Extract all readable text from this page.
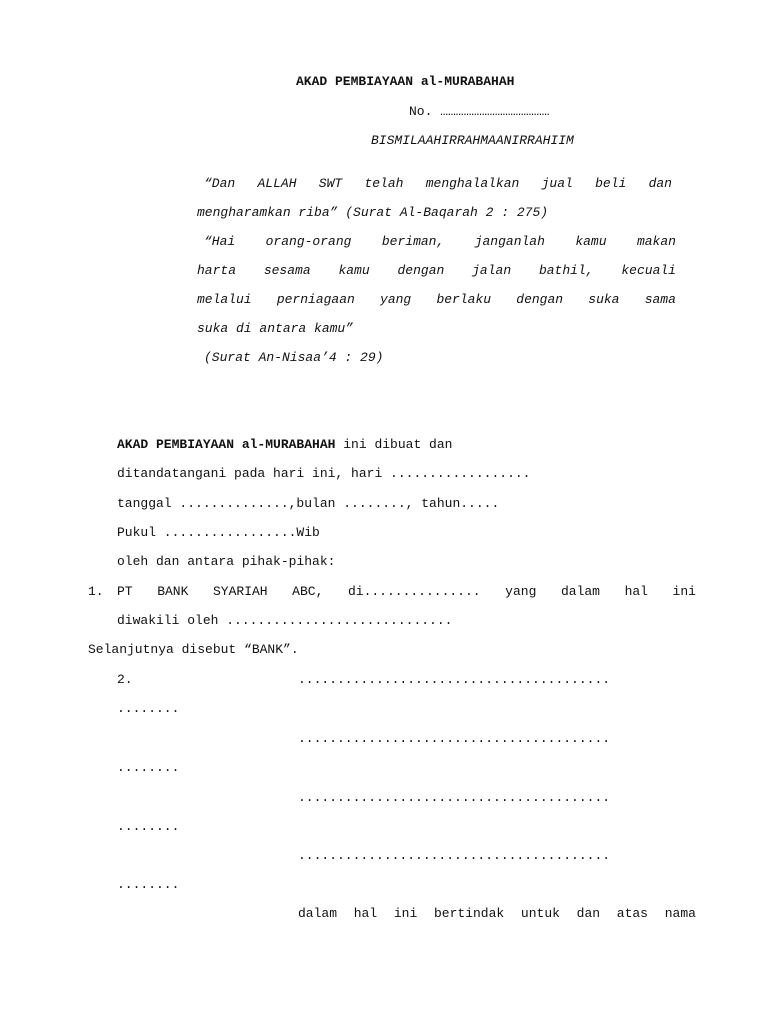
AKAD PEMBIAYAAN al-MURABAHAH
No. ……………………………………
BISMILAAHIRRAHMAANIRRAHIIM
“Dan ALLAH SWT telah menghalalkan jual beli dan
mengharamkan riba” (Surat Al-Baqarah 2 : 275)
“Hai orang-orang beriman, janganlah kamu makan
harta sesama kamu dengan jalan bathil, kecuali
melalui perniagaan yang berlaku dengan suka sama
suka di antara kamu”
(Surat An-Nisaa’4 : 29)
AKAD PEMBIAYAAN al-MURABAHAH ini dibuat dan
ditandatangani pada hari ini, hari ..................
tanggal ..............,bulan ........, tahun.....
Pukul .................Wib
oleh dan antara pihak-pihak:
1. PT BANK SYARIAH ABC, di............... yang dalam hal ini
diwakili oleh .............................
Selanjutnya disebut “BANK”.
2.	........................................
........
........................................
........
........................................
........
........................................
........
dalam hal ini bertindak untuk dan atas nama
